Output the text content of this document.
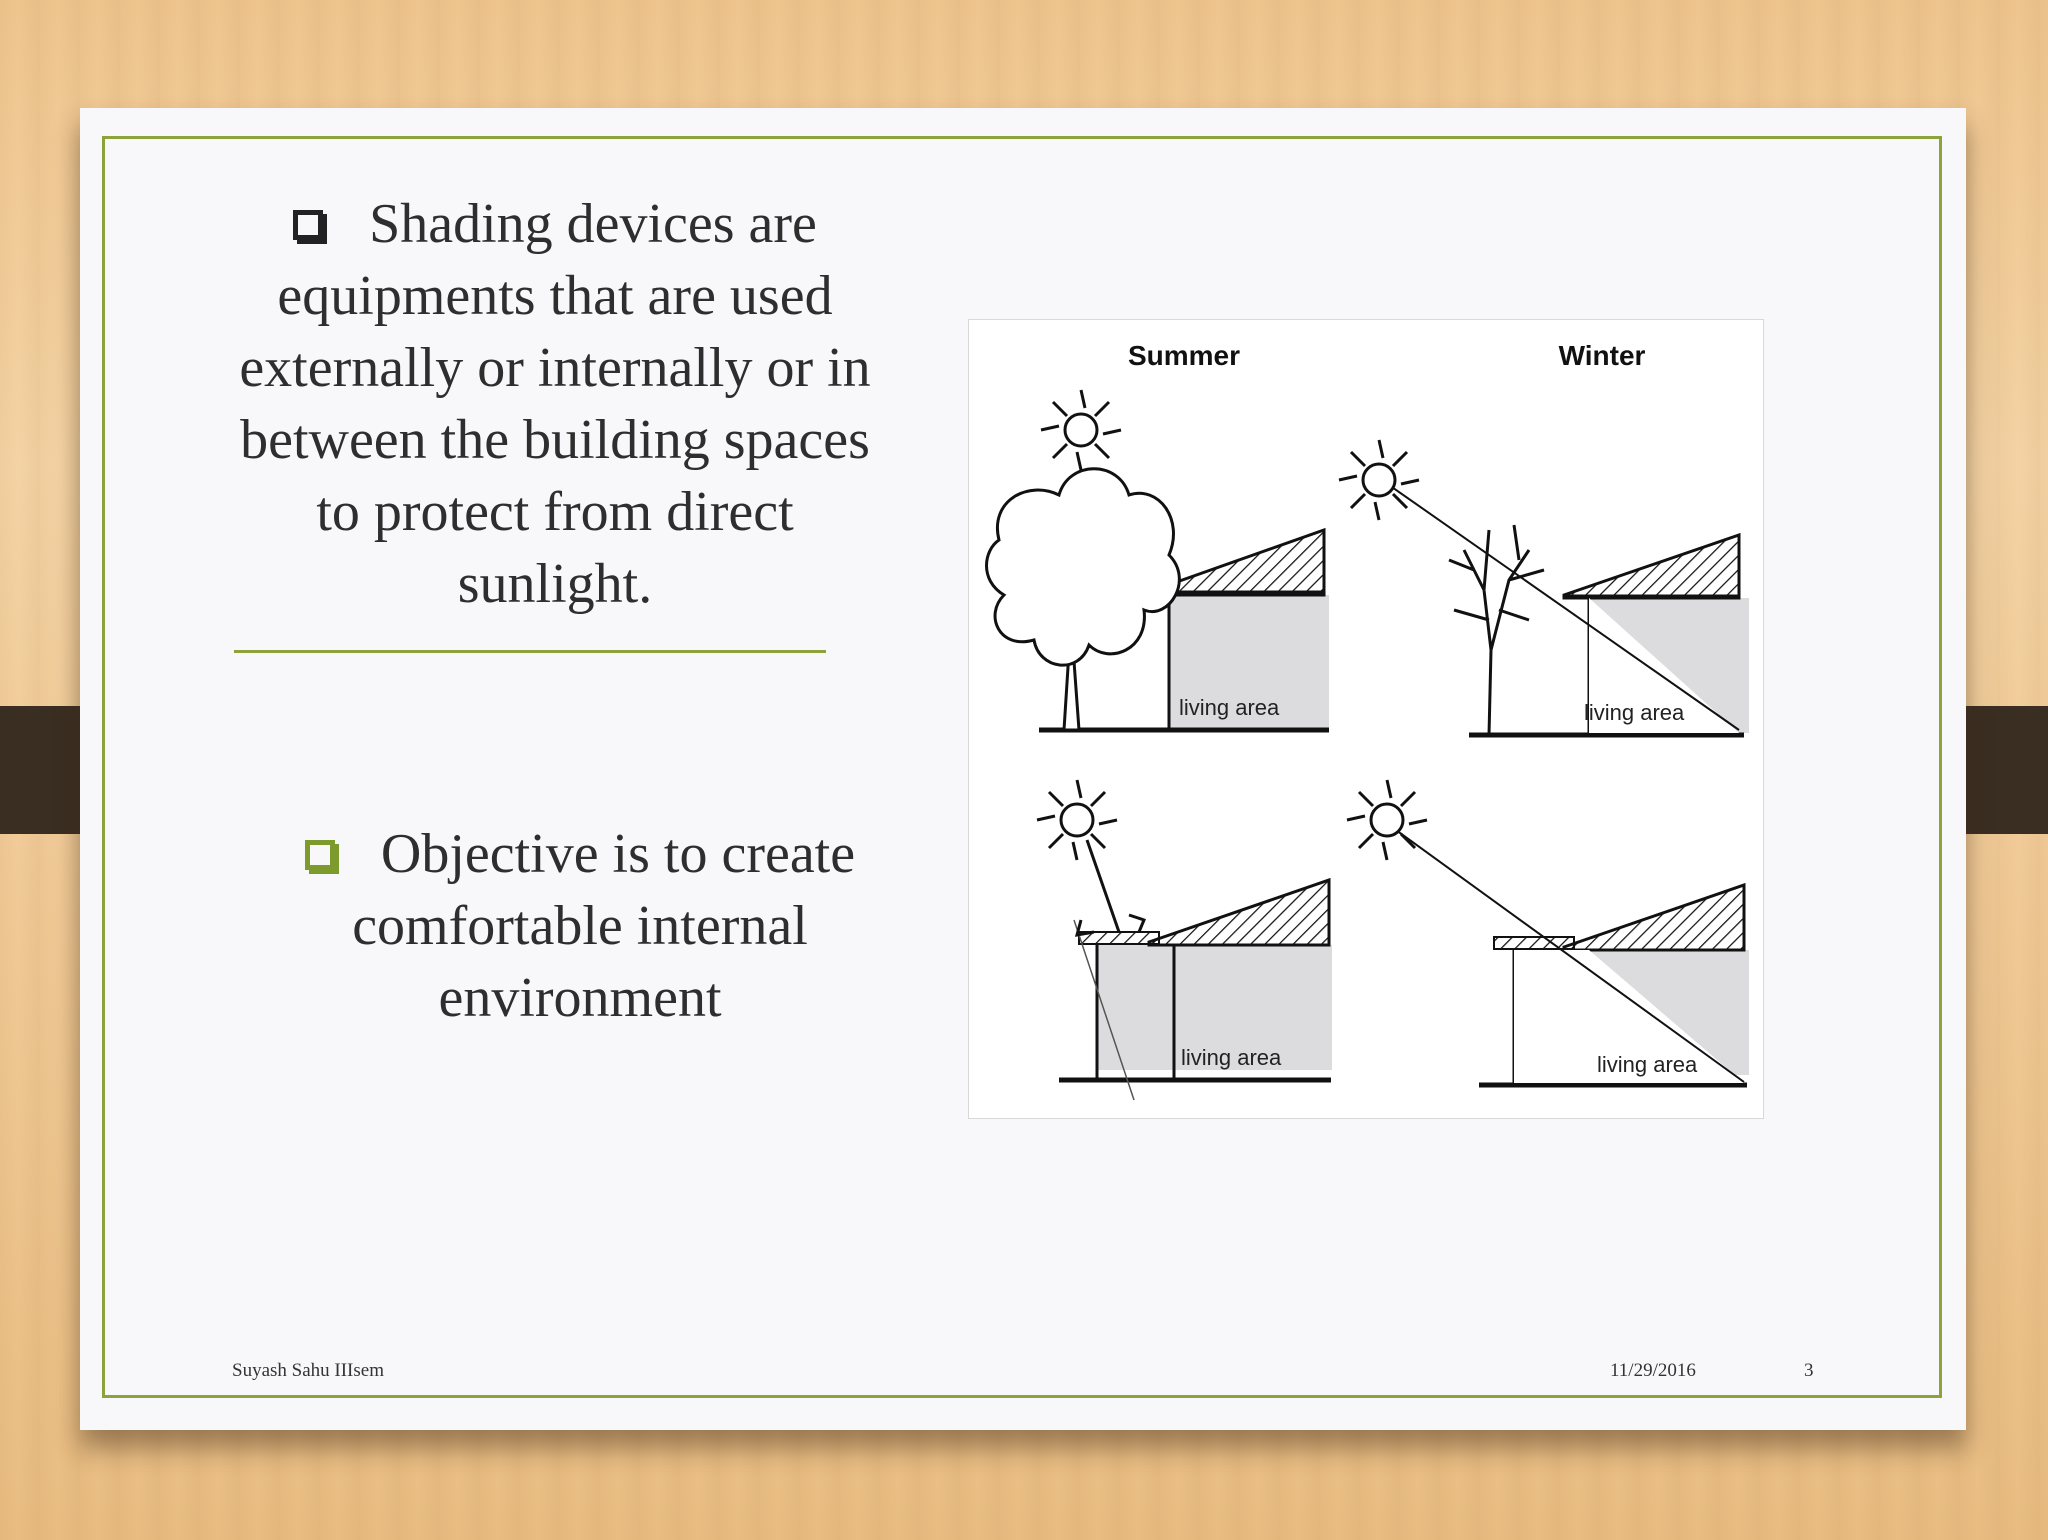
Shading devices are equipments that are used externally or internally or in between the building spaces to protect from direct sunlight.
Objective is to create comfortable internal environment
Summer	Winter
living area	living area
living area	living area
Suyash Sahu IIIsem	11/29/2016	3
